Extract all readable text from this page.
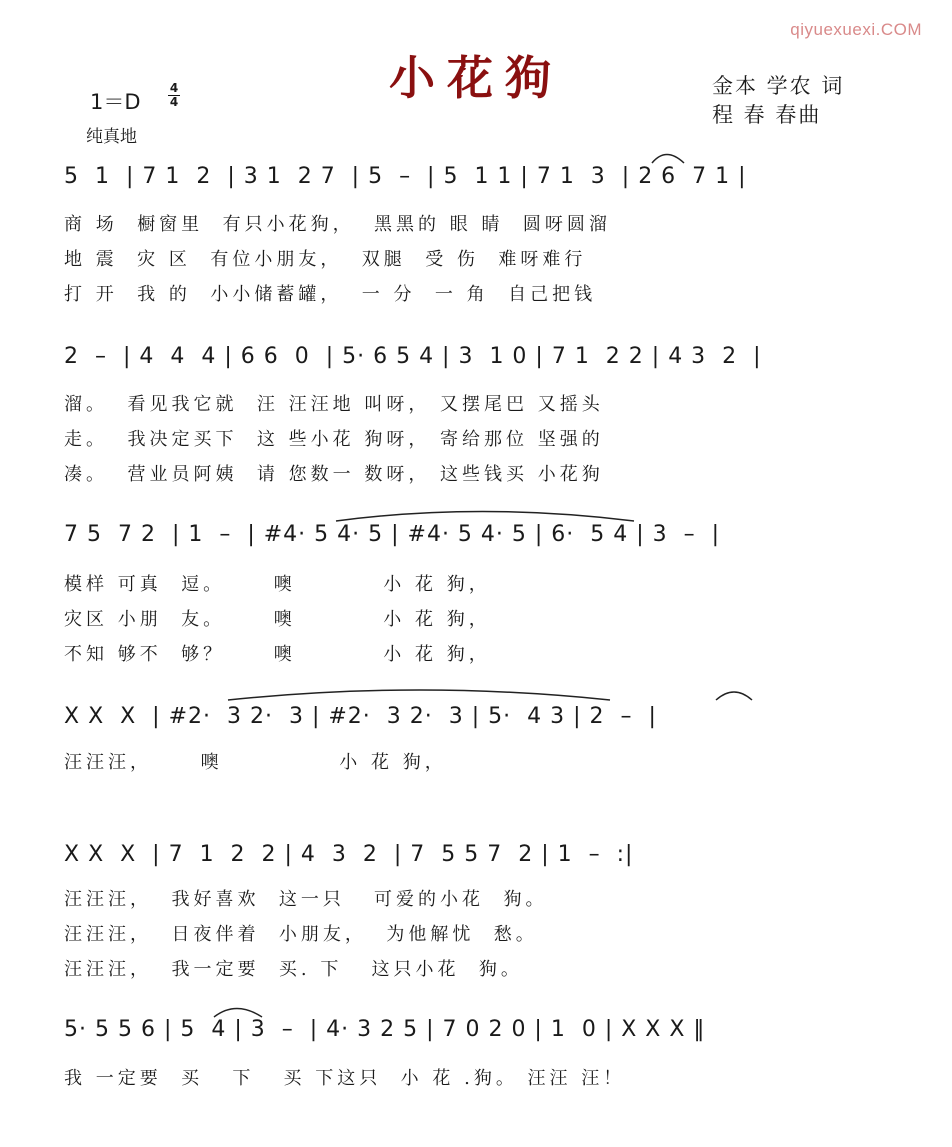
qiyuexuexi.COM
小花狗
1＝D
4
4
纯真地
金本 学农 词
程 春 春曲
5  1  | 7 1  2  | 3 1  2 7  | 5  –  | 5  1 1 | 7 1  3  | 2 6  7 1 |
商 场  橱窗里  有只小花狗，  黑黑的 眼 睛  圆呀圆溜
地 震  灾 区  有位小朋友，  双腿  受 伤  难呀难行
打 开  我 的  小小储蓄罐，  一 分  一 角  自己把钱
2  –  | 4  4  4 | 6 6  0  | 5· 6 5 4 | 3  1 0 | 7 1  2 2 | 4 3  2  |
溜。  看见我它就  汪 汪汪地 叫呀， 又摆尾巴 又摇头
走。  我决定买下  这 些小花 狗呀， 寄给那位 坚强的
凑。  营业员阿姨  请 您数一 数呀， 这些钱买 小花狗
7 5  7 2  | 1  –  | #4· 5 4· 5 | #4· 5 4· 5 | 6·  5 4 | 3  –  |
模样 可真  逗。     噢         小 花 狗，
灾区 小朋  友。     噢         小 花 狗，
不知 够不  够？     噢         小 花 狗，
X X  X  | #2·  3 2·  3 | #2·  3 2·  3 | 5·  4 3 | 2  –  |
汪汪汪，     噢            小 花 狗，
X X  X  | 7  1  2  2 | 4  3  2  | 7  5 5 7  2 | 1  –  :|
汪汪汪，  我好喜欢  这一只   可爱的小花  狗。
汪汪汪，  日夜伴着  小朋友，  为他解忧  愁。
汪汪汪，  我一定要  买. 下   这只小花  狗。
5· 5 5 6 | 5  4 | 3  –  | 4· 3 2 5 | 7 0 2 0 | 1  0 | X X X ‖
我 一定要  买   下   买 下这只  小 花 .狗。 汪汪 汪！
